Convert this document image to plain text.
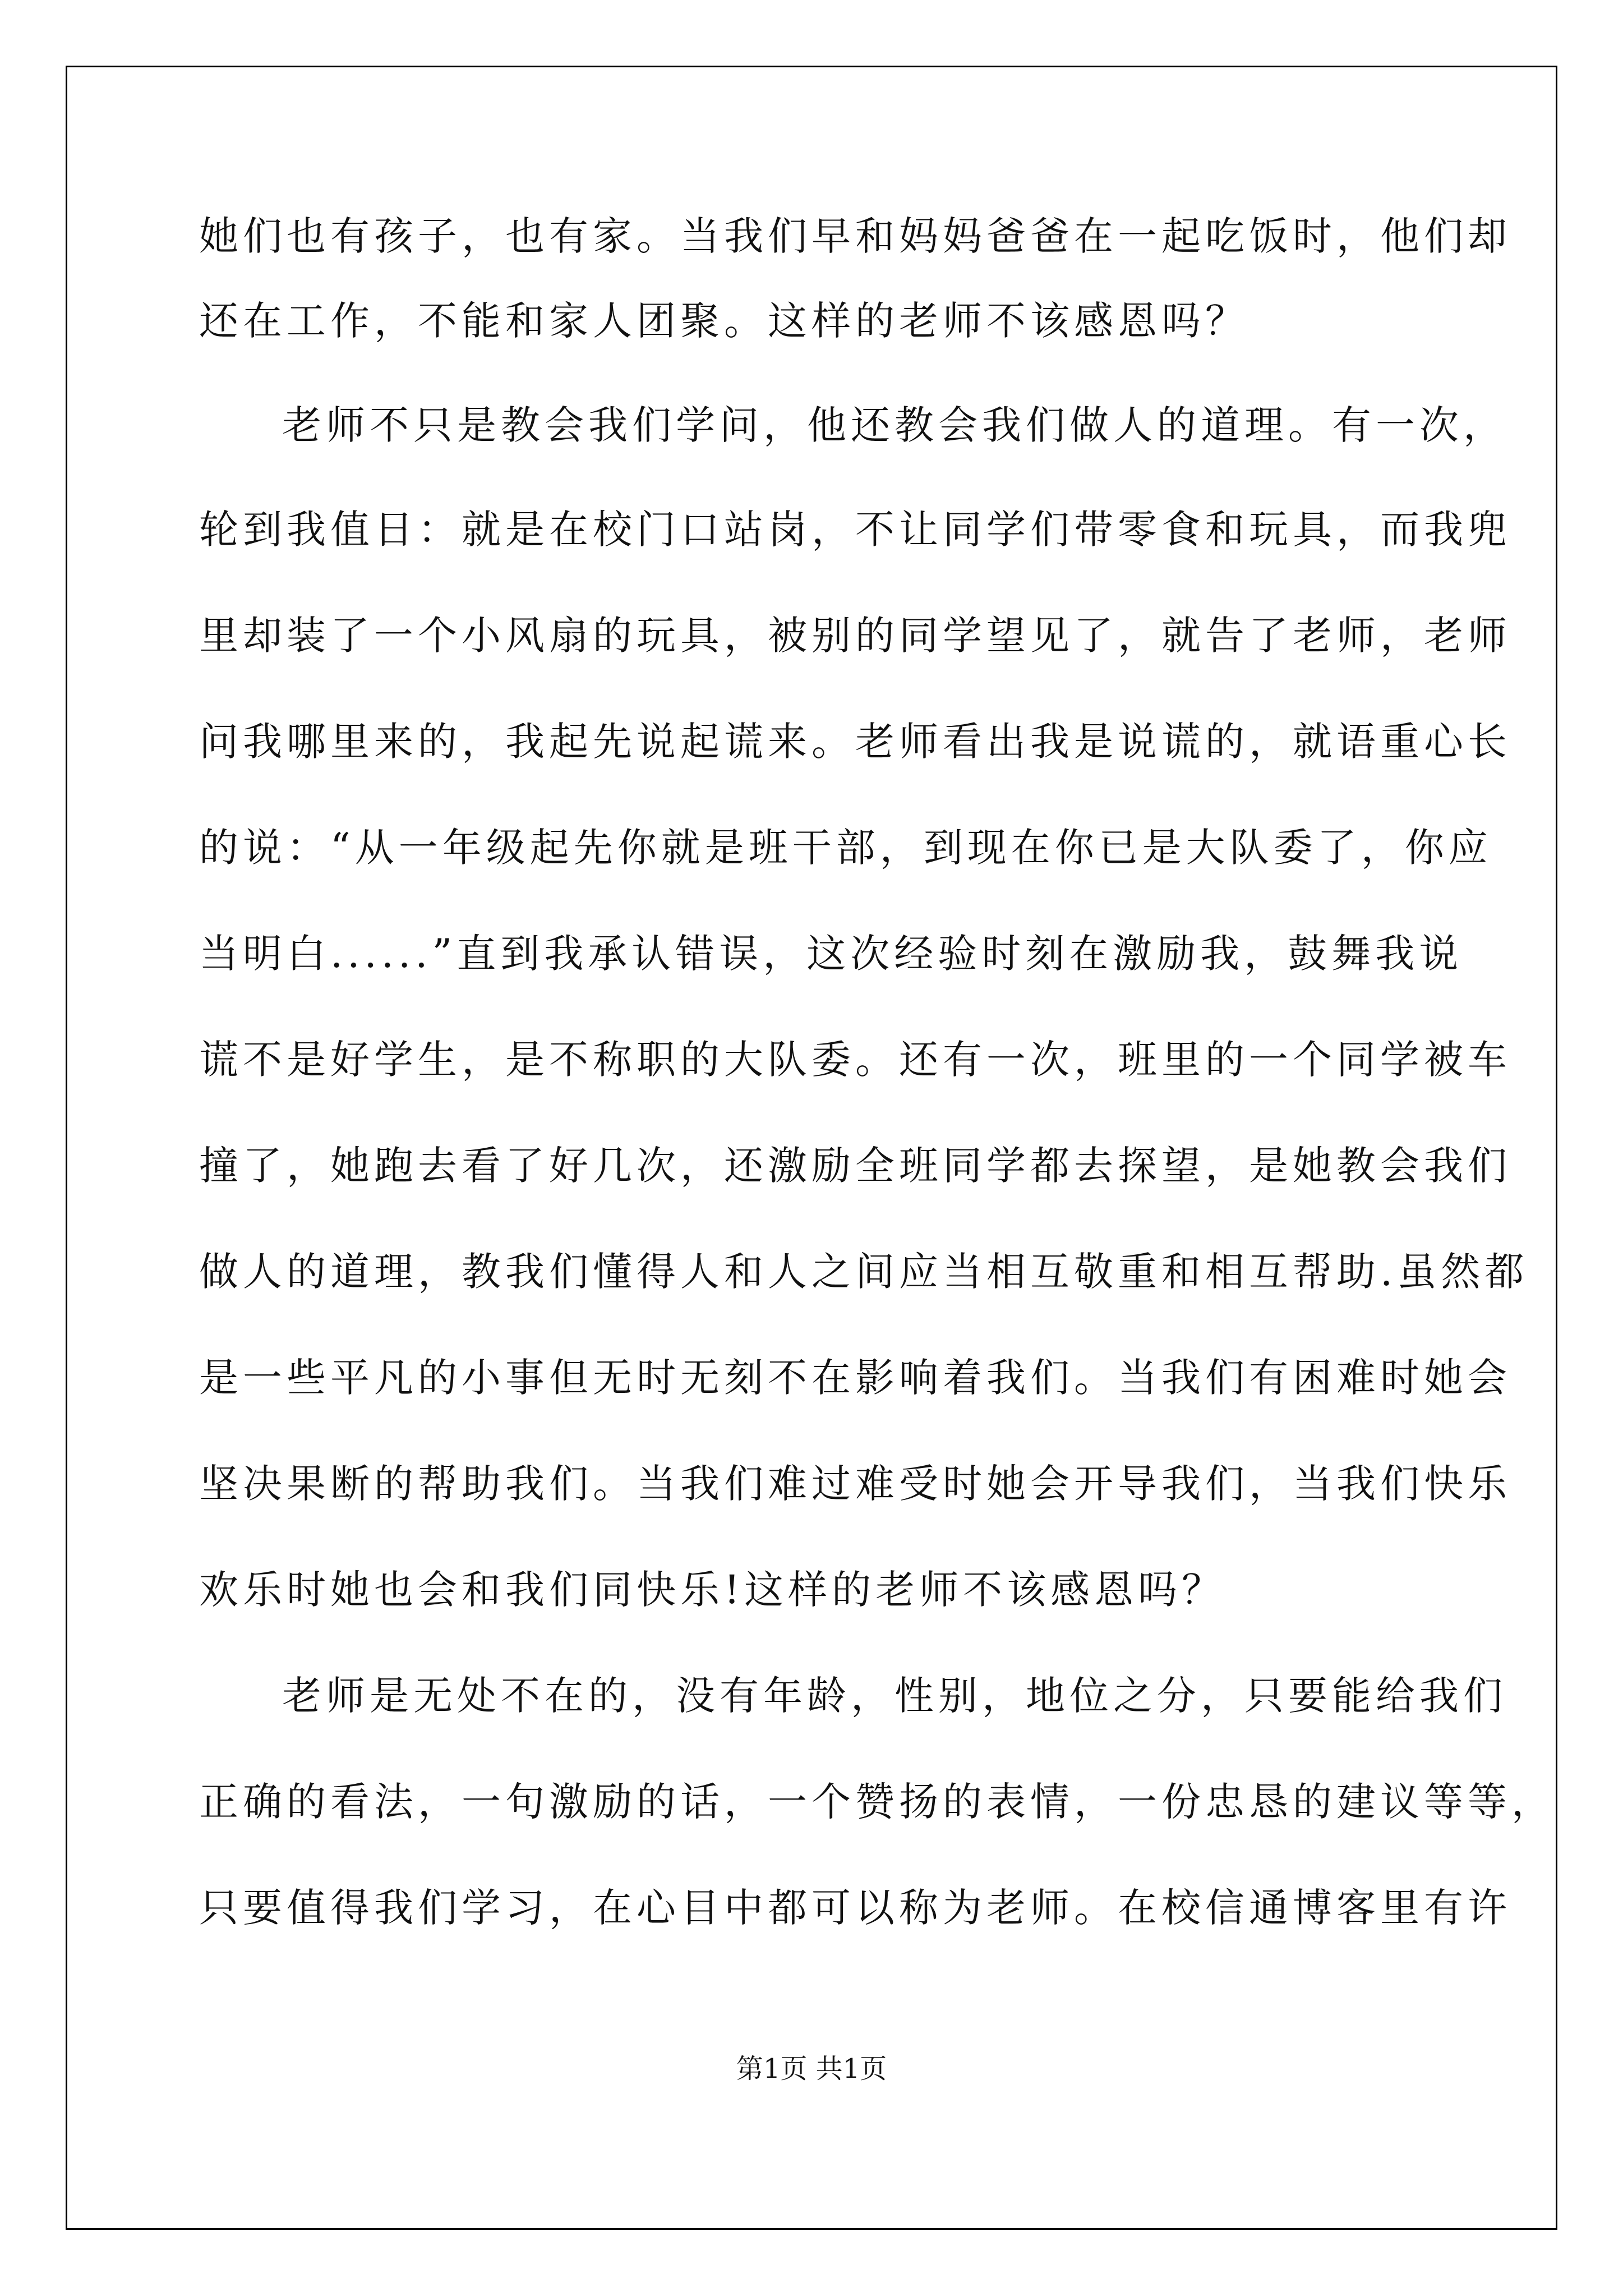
她们也有孩子，也有家。当我们早和妈妈爸爸在一起吃饭时，他们却
还在工作，不能和家人团聚。这样的老师不该感恩吗？
老师不只是教会我们学问，他还教会我们做人的道理。有一次，
轮到我值日：就是在校门口站岗，不让同学们带零食和玩具，而我兜
里却装了一个小风扇的玩具，被别的同学望见了，就告了老师，老师
问我哪里来的，我起先说起谎来。老师看出我是说谎的，就语重心长
的说：“从一年级起先你就是班干部，到现在你已是大队委了，你应
当明白......”直到我承认错误，这次经验时刻在激励我，鼓舞我说
谎不是好学生，是不称职的大队委。还有一次，班里的一个同学被车
撞了，她跑去看了好几次，还激励全班同学都去探望，是她教会我们
做人的道理，教我们懂得人和人之间应当相互敬重和相互帮助.虽然都
是一些平凡的小事但无时无刻不在影响着我们。当我们有困难时她会
坚决果断的帮助我们。当我们难过难受时她会开导我们，当我们快乐
欢乐时她也会和我们同快乐!这样的老师不该感恩吗？
老师是无处不在的，没有年龄，性别，地位之分，只要能给我们
正确的看法，一句激励的话，一个赞扬的表情，一份忠恳的建议等等，
只要值得我们学习，在心目中都可以称为老师。在校信通博客里有许
第1页 共1页
